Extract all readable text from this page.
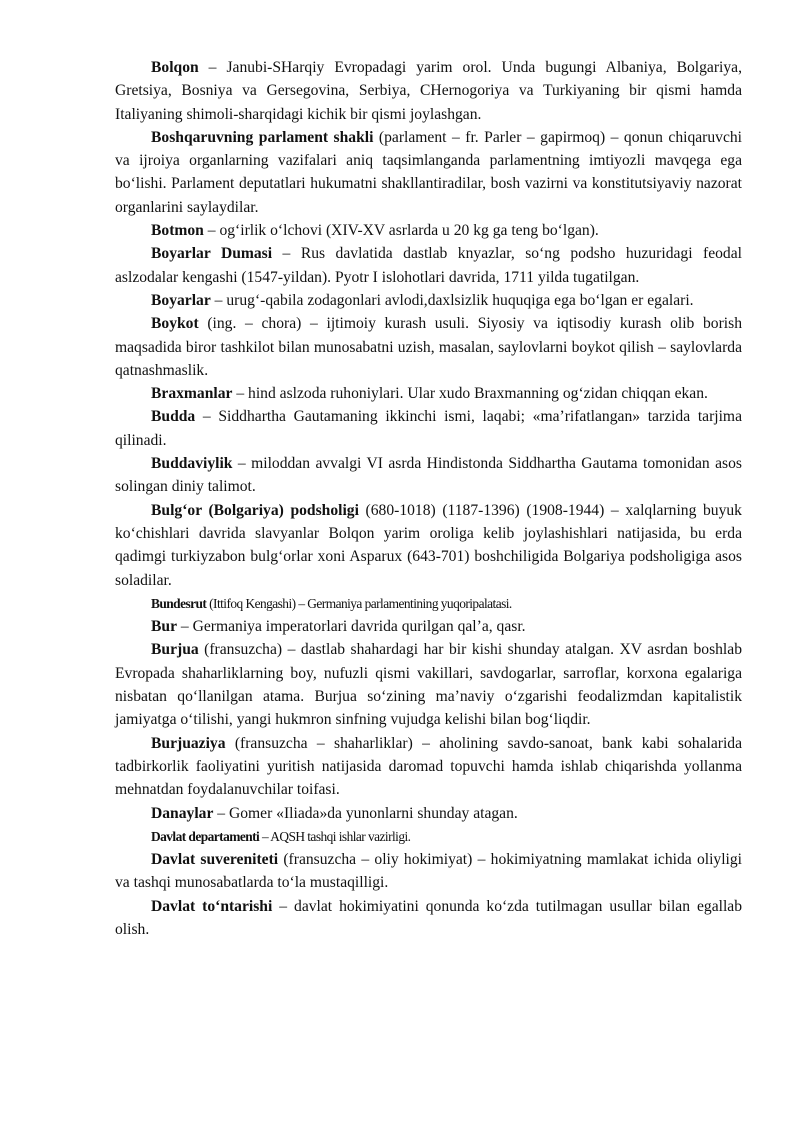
Bolqon – Janubi-SHarqiy Evropadagi yarim orol. Unda bugungi Albaniya, Bolgariya, Gretsiya, Bosniya va Gersegovina, Serbiya, CHernogoriya va Turkiyaning bir qismi hamda Italiyaning shimoli-sharqidagi kichik bir qismi joylashgan.

Boshqaruvning parlament shakli (parlament – fr. Parler – gapirmoq) – qonun chiqaruvchi va ijroiya organlarning vazifalari aniq taqsimlanganda parlamentning imtiyozli mavqega ega bo‘lishi. Parlament deputatlari hukumatni shakllantiradilar, bosh vazirni va konstitutsiyaviy nazorat organlarini saylaydilar.

Botmon – og‘irlik o‘lchovi (XIV-XV asrlarda u 20 kg ga teng bo‘lgan).

Boyarlar Dumasi – Rus davlatida dastlab knyazlar, so‘ng podsho huzuridagi feodal aslzodalar kengashi (1547-yildan). Pyotr I islohotlari davrida, 1711 yilda tugatilgan.

Boyarlar – urug‘-qabila zodagonlari avlodi,daxlsizlik huquqiga ega bo‘lgan er egalari.

Boykot (ing. – chora) – ijtimoiy kurash usuli. Siyosiy va iqtisodiy kurash olib borish maqsadida biror tashkilot bilan munosabatni uzish, masalan, saylovlarni boykot qilish – saylovlarda qatnashmaslik.

Braxmanlar – hind aslzoda ruhoniylari. Ular xudo Braxmanning og‘zidan chiqqan ekan.

Budda – Siddhartha Gautamaning ikkinchi ismi, laqabi; «ma’rifatlangan» tarzida tarjima qilinadi.

Buddaviylik – miloddan avvalgi VI asrda Hindistonda Siddhartha Gautama tomonidan asos solingan diniy talimot.

Bulg‘or (Bolgariya) podsholigi (680-1018) (1187-1396) (1908-1944) – xalqlarning buyuk ko‘chishlari davrida slavyanlar Bolqon yarim oroliga kelib joylashishlari natijasida, bu erda qadimgi turkiyzabon bulg‘orlar xoni Asparux (643-701) boshchiligida Bolgariya podsholigiga asos soladilar.

Bundesrut (Ittifoq Kengashi) – Germaniya parlamentining yuqoripalatasi.

Bur – Germaniya imperatorlari davrida qurilgan qal’a, qasr.

Burjua (fransuzcha) – dastlab shahardagi har bir kishi shunday atalgan. XV asrdan boshlab Evropada shaharliklarning boy, nufuzli qismi vakillari, savdogarlar, sarroflar, korxona egalariga nisbatan qo‘llanilgan atama. Burjua so‘zining ma’naviy o‘zgarishi feodalizmdan kapitalistik jamiyatga o‘tilishi, yangi hukmron sinfning vujudga kelishi bilan bog‘liqdir.

Burjuaziya (fransuzcha – shaharliklar) – aholining savdo-sanoat, bank kabi sohalarida tadbirkorlik faoliyatini yuritish natijasida daromad topuvchi hamda ishlab chiqarishda yollanma mehnatdan foydalanuvchilar toifasi.

Danaylar – Gomer «Iliada»da yunonlarni shunday atagan.

Davlat departamenti – AQSH tashqi ishlar vazirligi.

Davlat suvereniteti (fransuzcha – oliy hokimiyat) – hokimiyatning mamlakat ichida oliyligi va tashqi munosabatlarda to‘la mustaqilligi.

Davlat to‘ntarishi – davlat hokimiyatini qonunda ko‘zda tutilmagan usullar bilan egallab olish.
